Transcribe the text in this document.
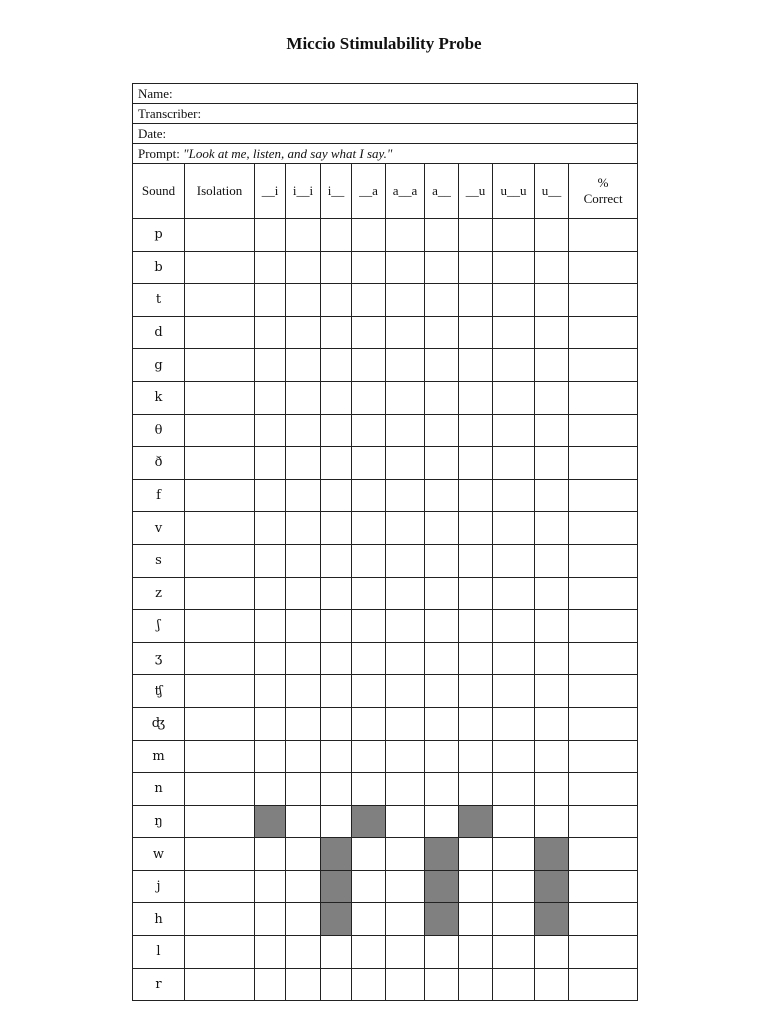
Miccio Stimulability Probe
Name:											
Transcriber:											
Date:											
Prompt: "Look at me, listen, and say what I say."											
Sound	Isolation	__i	i__i	i__	__a	a__a	a__	__u	u__u	u__	%
Correct
p											
b											
t											
d											
g											
k											
θ											
ð											
f											
v											
s											
z											
ʃ											
ʒ											
ʧ											
ʤ											
m											
n											
ŋ											
w											
j											
h											
l											
r											
